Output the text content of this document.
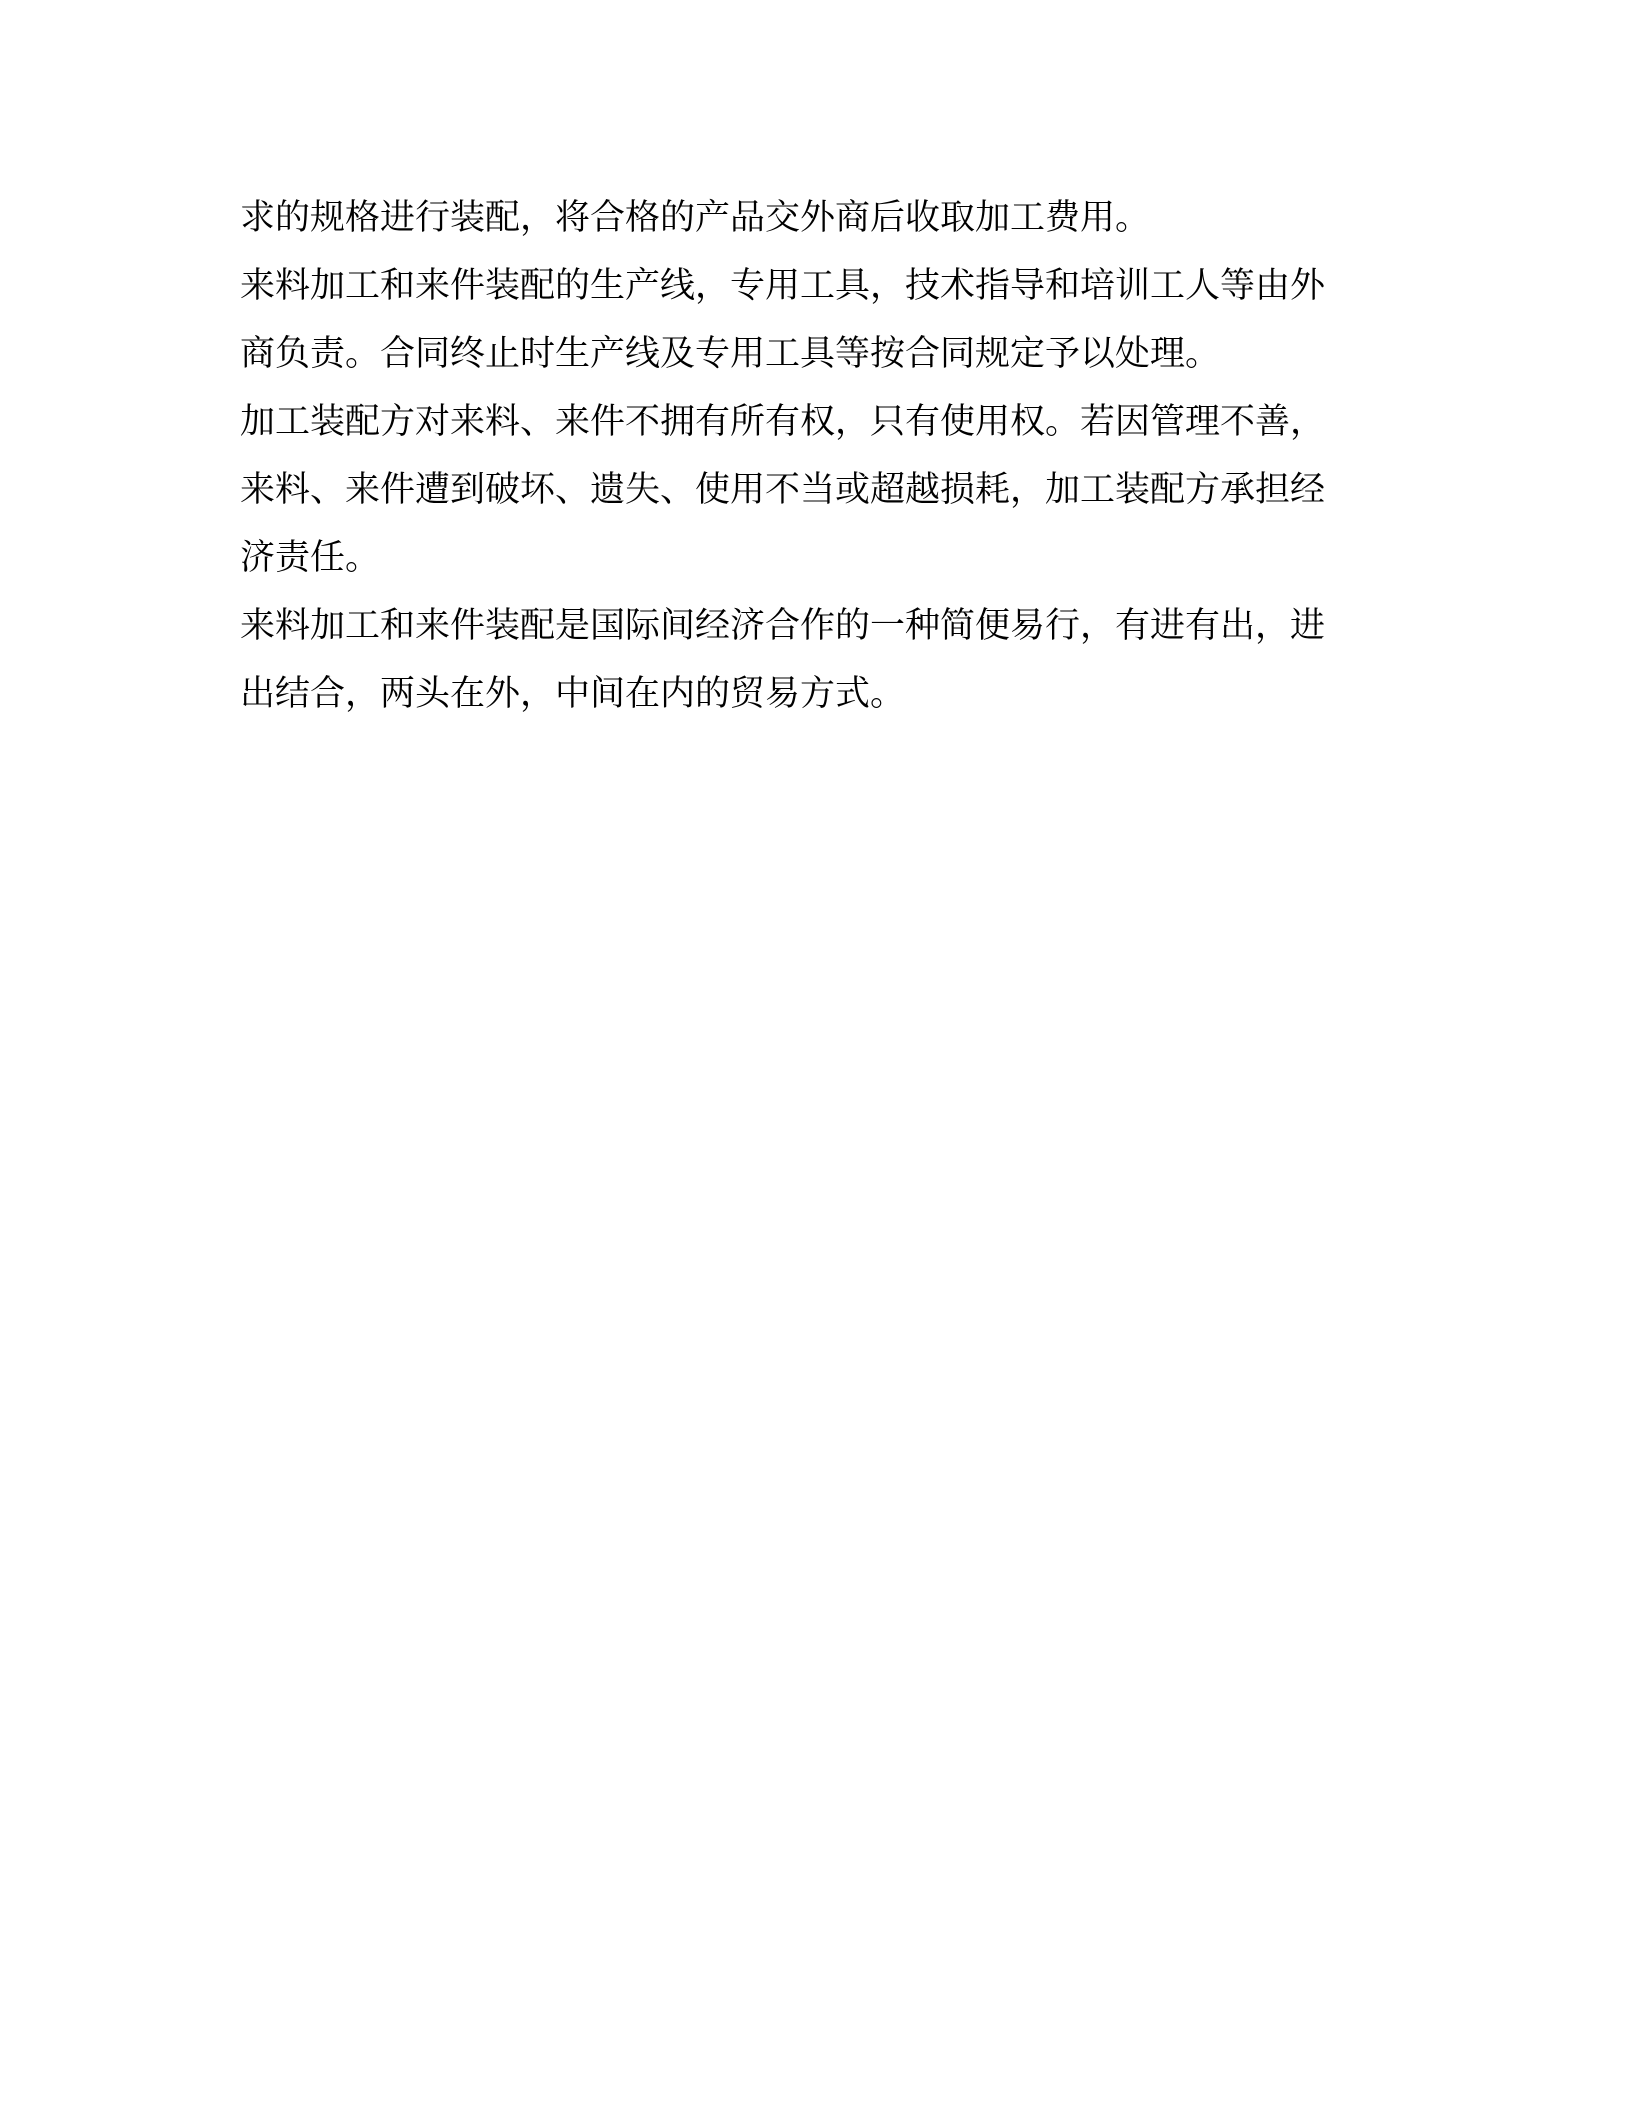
求的规格进行装配，将合格的产品交外商后收取加工费用。
来料加工和来件装配的生产线，专用工具，技术指导和培训工人等由外
商负责。合同终止时生产线及专用工具等按合同规定予以处理。
加工装配方对来料、来件不拥有所有权，只有使用权。若因管理不善，
来料、来件遭到破坏、遗失、使用不当或超越损耗，加工装配方承担经
济责任。
来料加工和来件装配是国际间经济合作的一种简便易行，有进有出，进
出结合，两头在外，中间在内的贸易方式。
